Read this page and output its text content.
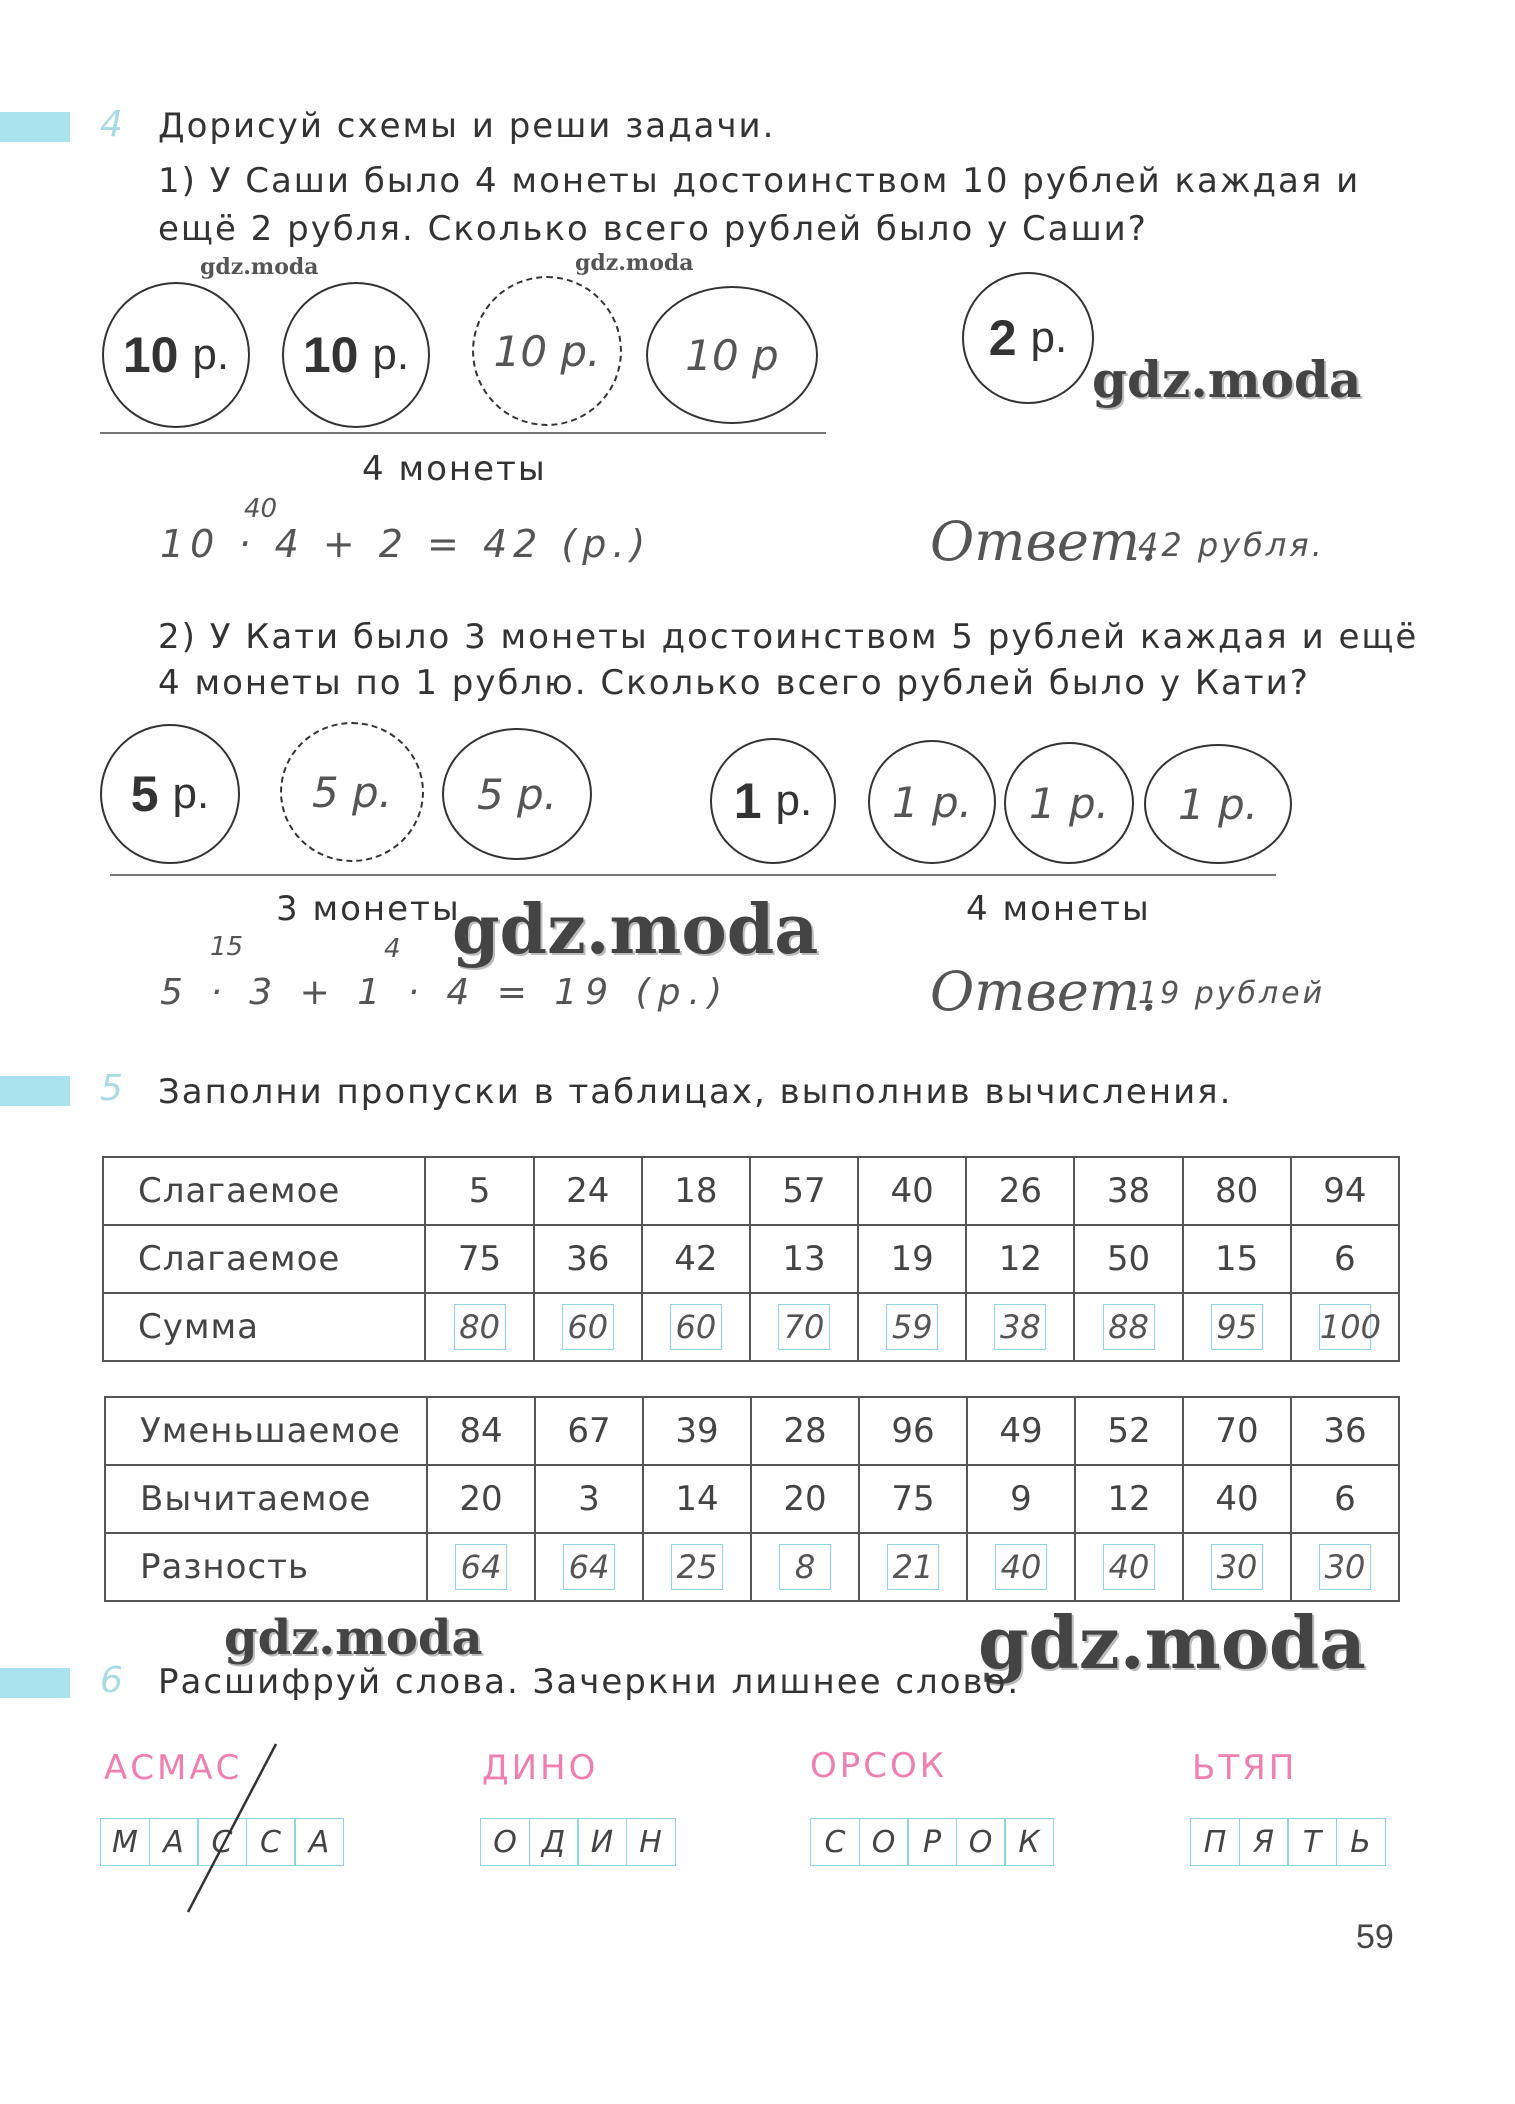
4 Дорисуй схемы и реши задачи.
1) У Саши было 4 монеты достоинством 10 рублей каждая и
ещё 2 рубля. Сколько всего рублей было у Саши?
gdz.moda	gdz.moda
10
р. 10
р.	10 р.	10 р	2
р.
gdz.moda
4 монеты
40
10 · 4 + 2 = 42 (р.)	Ответ.
42 рубля.
2) У Кати было 3 монеты достоинством 5 рублей каждая и ещё
4 монеты по 1 рублю. Сколько всего рублей было у Кати?
5
р.	5 р.	5 р.	1
р.	1 р.	1 р.	1 р.
3 монеты	4 монеты
gdz.moda
15	4
5 · 3 + 1 · 4 = 19 (р.)	Ответ.
19 рублей
5 Заполни пропуски в таблицах, выполнив вычисления.
Слагаемое	5	24	18	57	40	26	38	80	94
Слагаемое	75	36	42	13	19	12	50	15	6
Сумма	80	60	60	70	59	38	88	95	100
Уменьшаемое	84	67	39	28	96	49	52	70	36
Вычитаемое	20	3	14	20	75	9	12	40	6
Разность	64	64	25	8	21	40	40	30	30
gdz.moda	gdz.moda
6 Расшифруй слова. Зачеркни лишнее слово.
АСМАС	ДИНО	ОРСОК	ЬТЯП
М А С С А	О Д И Н	С О Р О К	П Я Т Ь
59
